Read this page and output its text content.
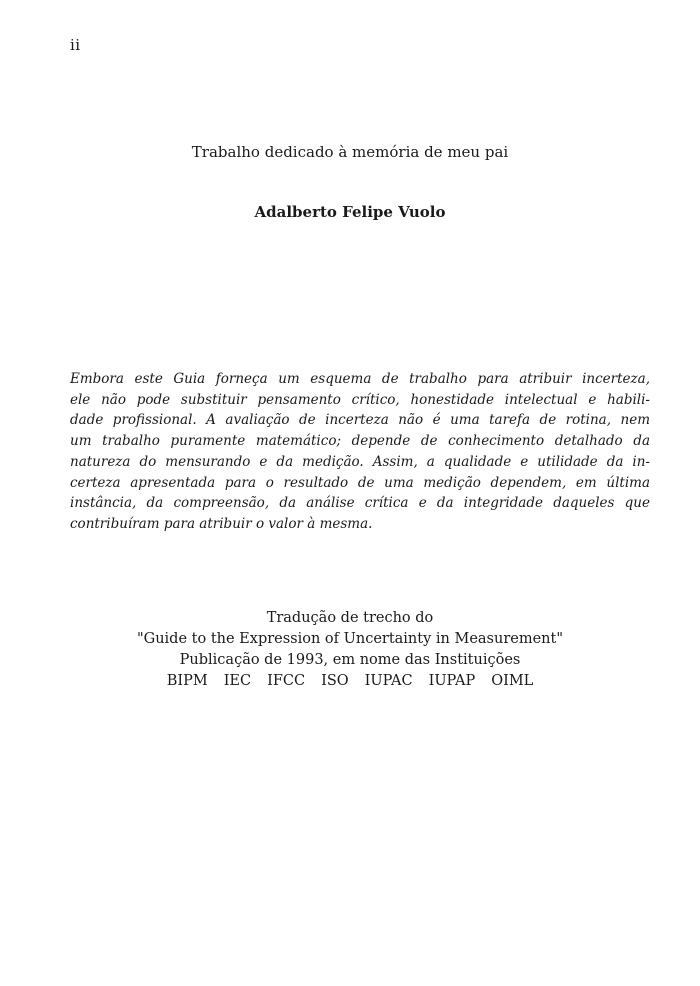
ii
Trabalho dedicado à memória de meu pai
Adalberto Felipe Vuolo
Embora este Guia forneça um esquema de trabalho para atribuir incerteza,
ele não pode substituir pensamento crítico, honestidade intelectual e habili-
dade profissional. A avaliação de incerteza não é uma tarefa de rotina, nem
um trabalho puramente matemático; depende de conhecimento detalhado da
natureza do mensurando e da medição. Assim, a qualidade e utilidade da in-
certeza apresentada para o resultado de uma medição dependem, em última
instância, da compreensão, da análise crítica e da integridade daqueles que
contribuíram para atribuir o valor à mesma.
Tradução de trecho do
"Guide to the Expression of Uncertainty in Measurement"
Publicação de 1993, em nome das Instituições
BIPM IEC IFCC ISO IUPAC IUPAP OIML
